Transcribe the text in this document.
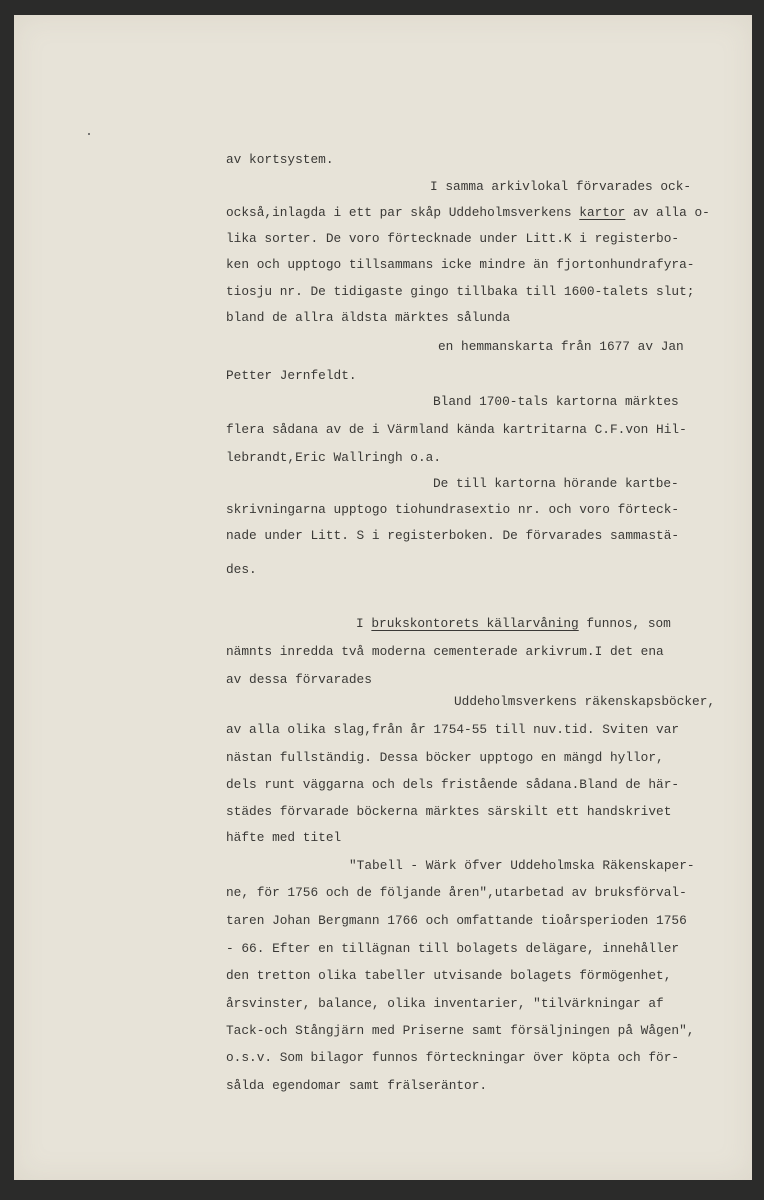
av kortsystem.
I samma arkivlokal förvarades ock-
också,inlagda i ett par skåp Uddeholmsverkens kartor av alla o-
lika sorter. De voro förtecknade under Litt.K i registerbo-
ken och upptogo tillsammans icke mindre än fjortonhundrafyra-
tiosju nr. De tidigaste gingo tillbaka till 1600-talets slut;
bland de allra äldsta märktes sålunda
en hemmanskarta från 1677 av Jan
Petter Jernfeldt.
Bland 1700-tals kartorna märktes
flera sådana av de i Värmland kända kartritarna C.F.von Hil-
lebrandt,Eric Wallringh o.a.
De till kartorna hörande kartbe-
skrivningarna upptogo tiohundrasextio nr. och voro förteck-
nade under Litt. S i registerboken. De förvarades sammastä-
des.
I brukskontorets källarvåning funnos, som
nämnts inredda två moderna cementerade arkivrum.I det ena
av dessa förvarades
Uddeholmsverkens räkenskapsböcker,
av alla olika slag,från år 1754-55 till nuv.tid. Sviten var
nästan fullständig. Dessa böcker upptogo en mängd hyllor,
dels runt väggarna och dels fristående sådana.Bland de här-
städes förvarade böckerna märktes särskilt ett handskrivet
häfte med titel
"Tabell - Wärk öfver Uddeholmska Räkenskaper-
ne, för 1756 och de följande åren",utarbetad av bruksförval-
taren Johan Bergmann 1766 och omfattande tioårsperioden 1756
- 66. Efter en tillägnan till bolagets delägare, innehåller
den tretton olika tabeller utvisande bolagets förmögenhet,
årsvinster, balance, olika inventarier, "tilvärkningar af
Tack-och Stångjärn med Priserne samt försäljningen på Wågen",
o.s.v. Som bilagor funnos förteckningar över köpta och för-
sålda egendomar samt frälseräntor.
